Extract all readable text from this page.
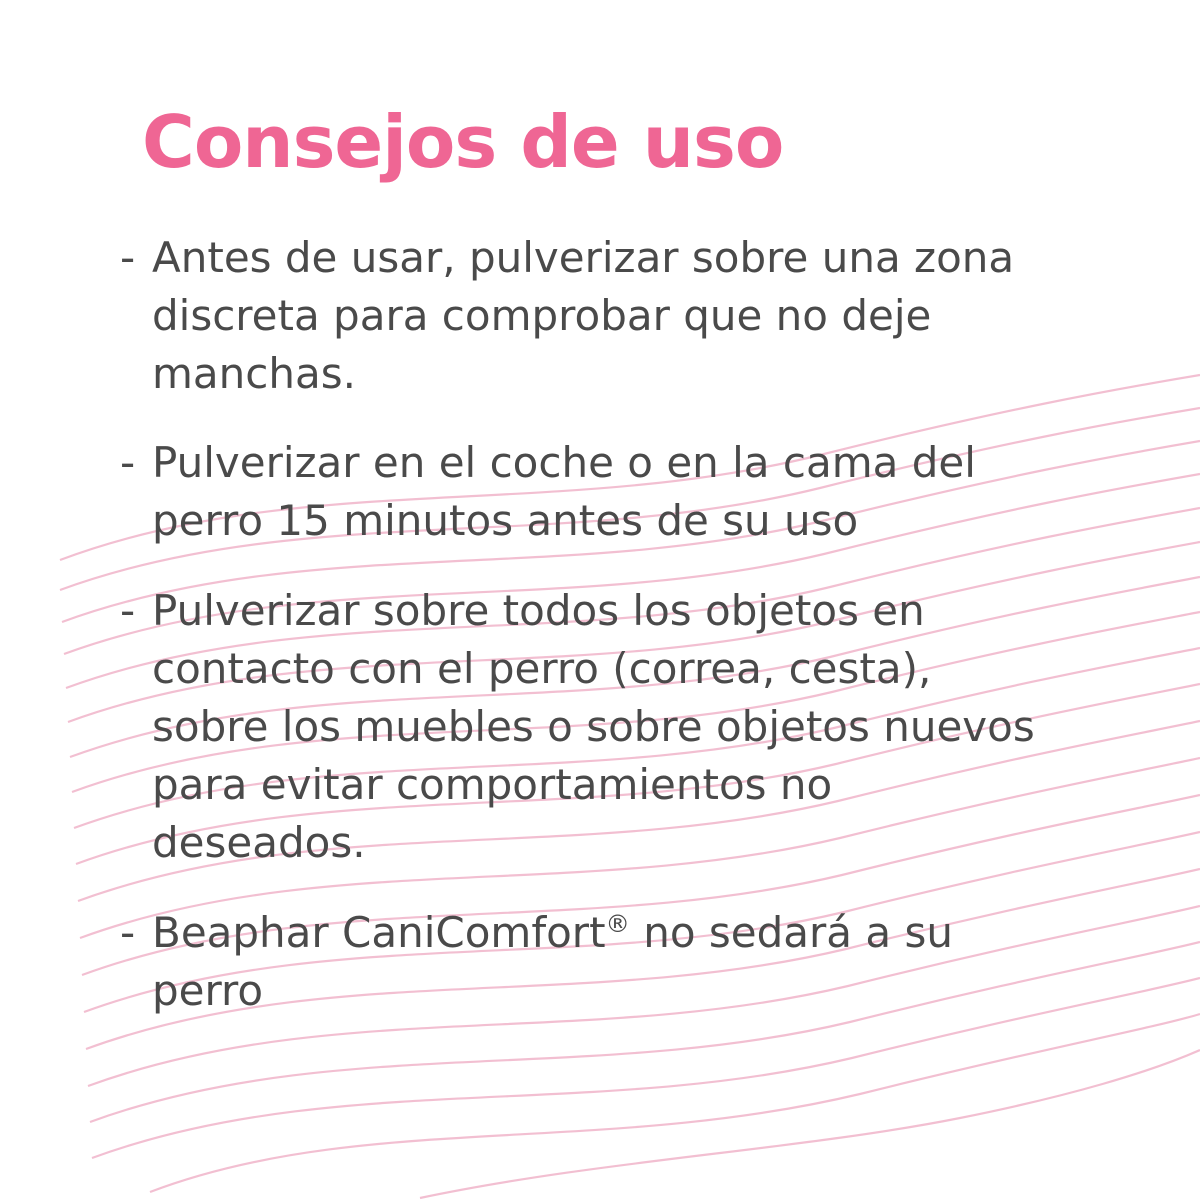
Consejos de uso
- Antes de usar, pulverizar sobre una zona discreta para comprobar que no deje manchas.
- Pulverizar en el coche o en la cama del perro 15 minutos antes de su uso
- Pulverizar sobre todos los objetos en contacto con el perro (correa, cesta), sobre los muebles o sobre objetos nuevos para evitar comportamientos no deseados.
- Beaphar CaniComfort® no sedará a su perro
